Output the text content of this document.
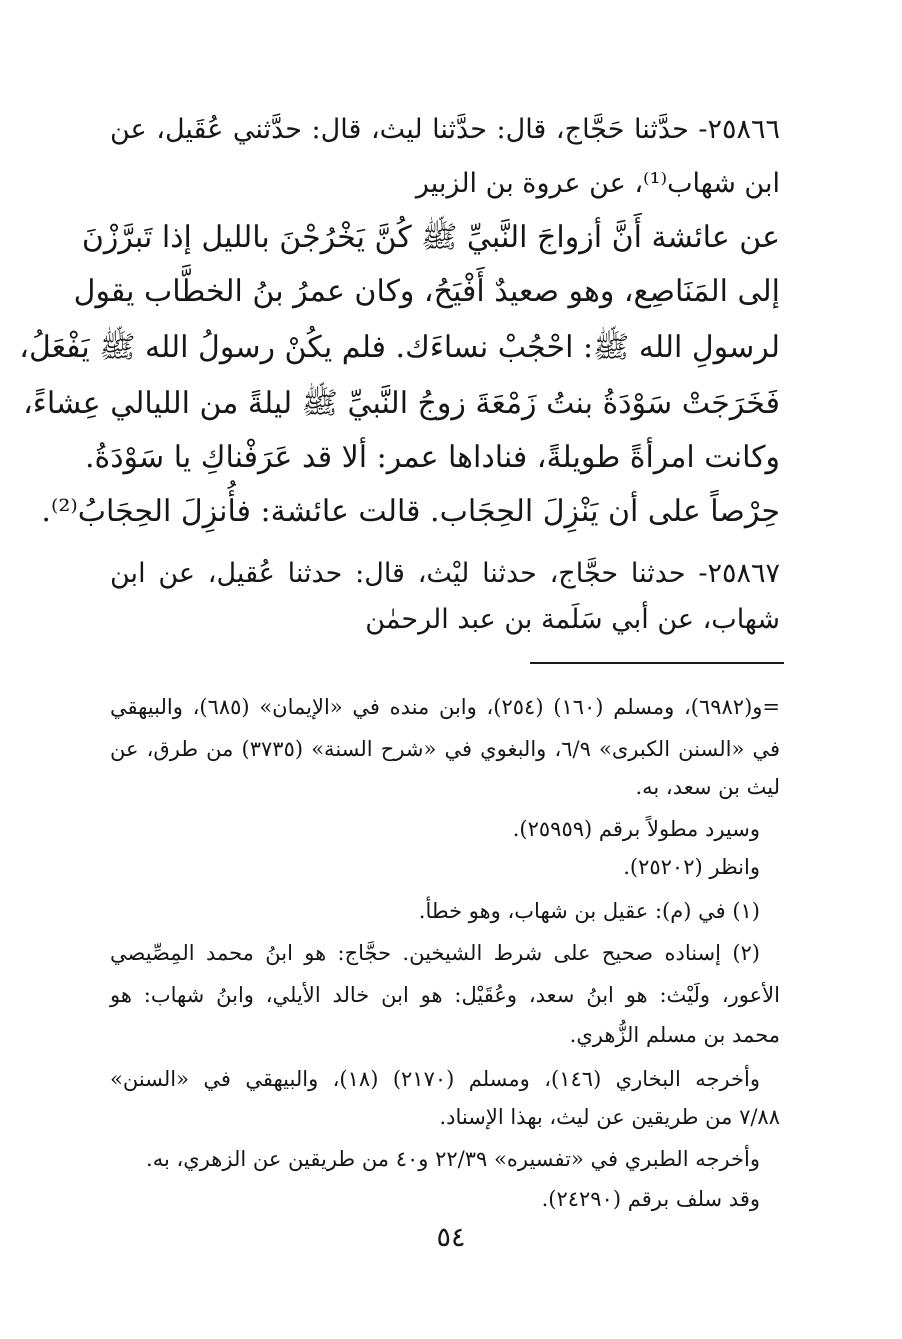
٢٥٨٦٦- حدَّثنا حَجَّاج، قال: حدَّثنا ليث، قال: حدَّثني عُقَيل، عن
ابن شهاب⁽¹⁾، عن عروة بن الزبير
عن عائشة أَنَّ أزواجَ النَّبيِّ ﷺ كُنَّ يَخْرُجْنَ بالليل إذا تَبرَّزْنَ
إلى المَنَاصِع، وهو صعيدٌ أَفْيَحُ، وكان عمرُ بنُ الخطَّاب يقول
لرسولِ الله ﷺ: احْجُبْ نساءَك. فلم يكُنْ رسولُ الله ﷺ يَفْعَلُ،
فَخَرَجَتْ سَوْدَةُ بنتُ زَمْعَةَ زوجُ النَّبيِّ ﷺ ليلةً من الليالي عِشاءً،
وكانت امرأةً طويلةً، فناداها عمر: ألا قد عَرَفْناكِ يا سَوْدَةُ.
حِرْصاً على أن يَنْزِلَ الحِجَاب. قالت عائشة: فأُنزِلَ الحِجَابُ⁽²⁾.
٢٥٨٦٧- حدثنا حجَّاج، حدثنا ليْث، قال: حدثنا عُقيل، عن ابن
شهاب، عن أبي سَلَمة بن عبد الرحمٰن
=و(٦٩٨٢)، ومسلم (١٦٠) (٢٥٤)، وابن منده في «الإيمان» (٦٨٥)، والبيهقي
في «السنن الكبرى» ٦/٩، والبغوي في «شرح السنة» (٣٧٣٥) من طرق، عن
ليث بن سعد، به.
وسيرد مطولاً برقم (٢٥٩٥٩).
وانظر (٢٥٢٠٢).
(١) في (م): عقيل بن شهاب، وهو خطأ.
(٢) إسناده صحيح على شرط الشيخين. حجَّاج: هو ابنُ محمد المِصِّيصي
الأعور، ولَيْث: هو ابنُ سعد، وعُقَيْل: هو ابن خالد الأيلي، وابنُ شهاب: هو
محمد بن مسلم الزُّهري.
وأخرجه البخاري (١٤٦)، ومسلم (٢١٧٠) (١٨)، والبيهقي في «السنن»
٧/٨٨ من طريقين عن ليث، بهذا الإسناد.
وأخرجه الطبري في «تفسيره» ٢٢/٣٩ و٤٠ من طريقين عن الزهري، به.
وقد سلف برقم (٢٤٢٩٠).
٥٤
